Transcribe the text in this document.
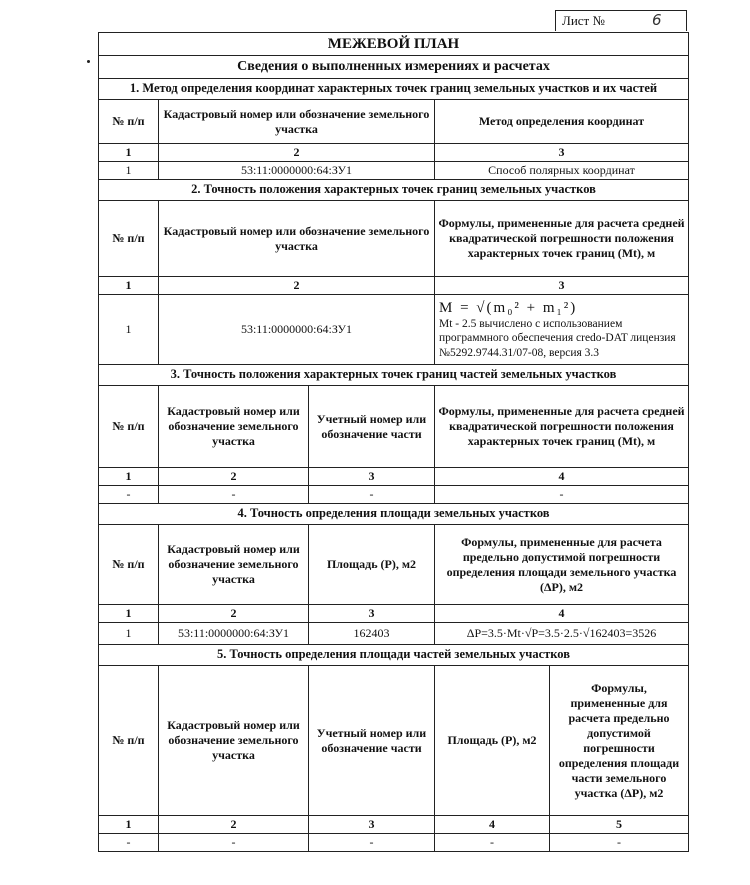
Лист №	6
МЕЖЕВОЙ ПЛАН				
Сведения о выполненных измерениях и расчетах				
1. Метод определения координат характерных точек границ земельных участков и их частей				
№ п/п	Кадастровый номер или обозначение земельного участка		Метод определения координат	
1	2		3	
1	53:11:0000000:64:ЗУ1		Способ полярных координат	
2. Точность положения характерных точек границ земельных участков				
№ п/п	Кадастровый номер или обозначение земельного участка		Формулы, примененные для расчета средней квадратической погрешности положения характерных точек границ (Mt), м	
1	2		3	
1	53:11:0000000:64:ЗУ1		M = √(m₀² + m₁²)
Mt - 2.5 вычислено с использованием программного обеспечения credo-DAT лицензия №5292.9744.31/07-08, версия 3.3	
3. Точность положения характерных точек границ частей земельных участков				
№ п/п	Кадастровый номер или обозначение земельного участка	Учетный номер или обозначение части	Формулы, примененные для расчета средней квадратической погрешности положения характерных точек границ (Mt), м	
1	2	3	4	
-	-	-	-	
4. Точность определения площади земельных участков				
№ п/п	Кадастровый номер или обозначение земельного участка	Площадь (Р), м2	Формулы, примененные для расчета предельно допустимой погрешности определения площади земельного участка (ΔР), м2	
1	2	3	4	
1	53:11:0000000:64:ЗУ1	162403	ΔP=3.5·Mt·√P=3.5·2.5·√162403=3526	
5. Точность определения площади частей земельных участков				
№ п/п	Кадастровый номер или обозначение земельного участка	Учетный номер или обозначение части	Площадь (Р), м2	Формулы, примененные для расчета предельно допустимой погрешности определения площади части земельного участка (ΔР), м2
1	2	3	4	5
-	-	-	-	-
